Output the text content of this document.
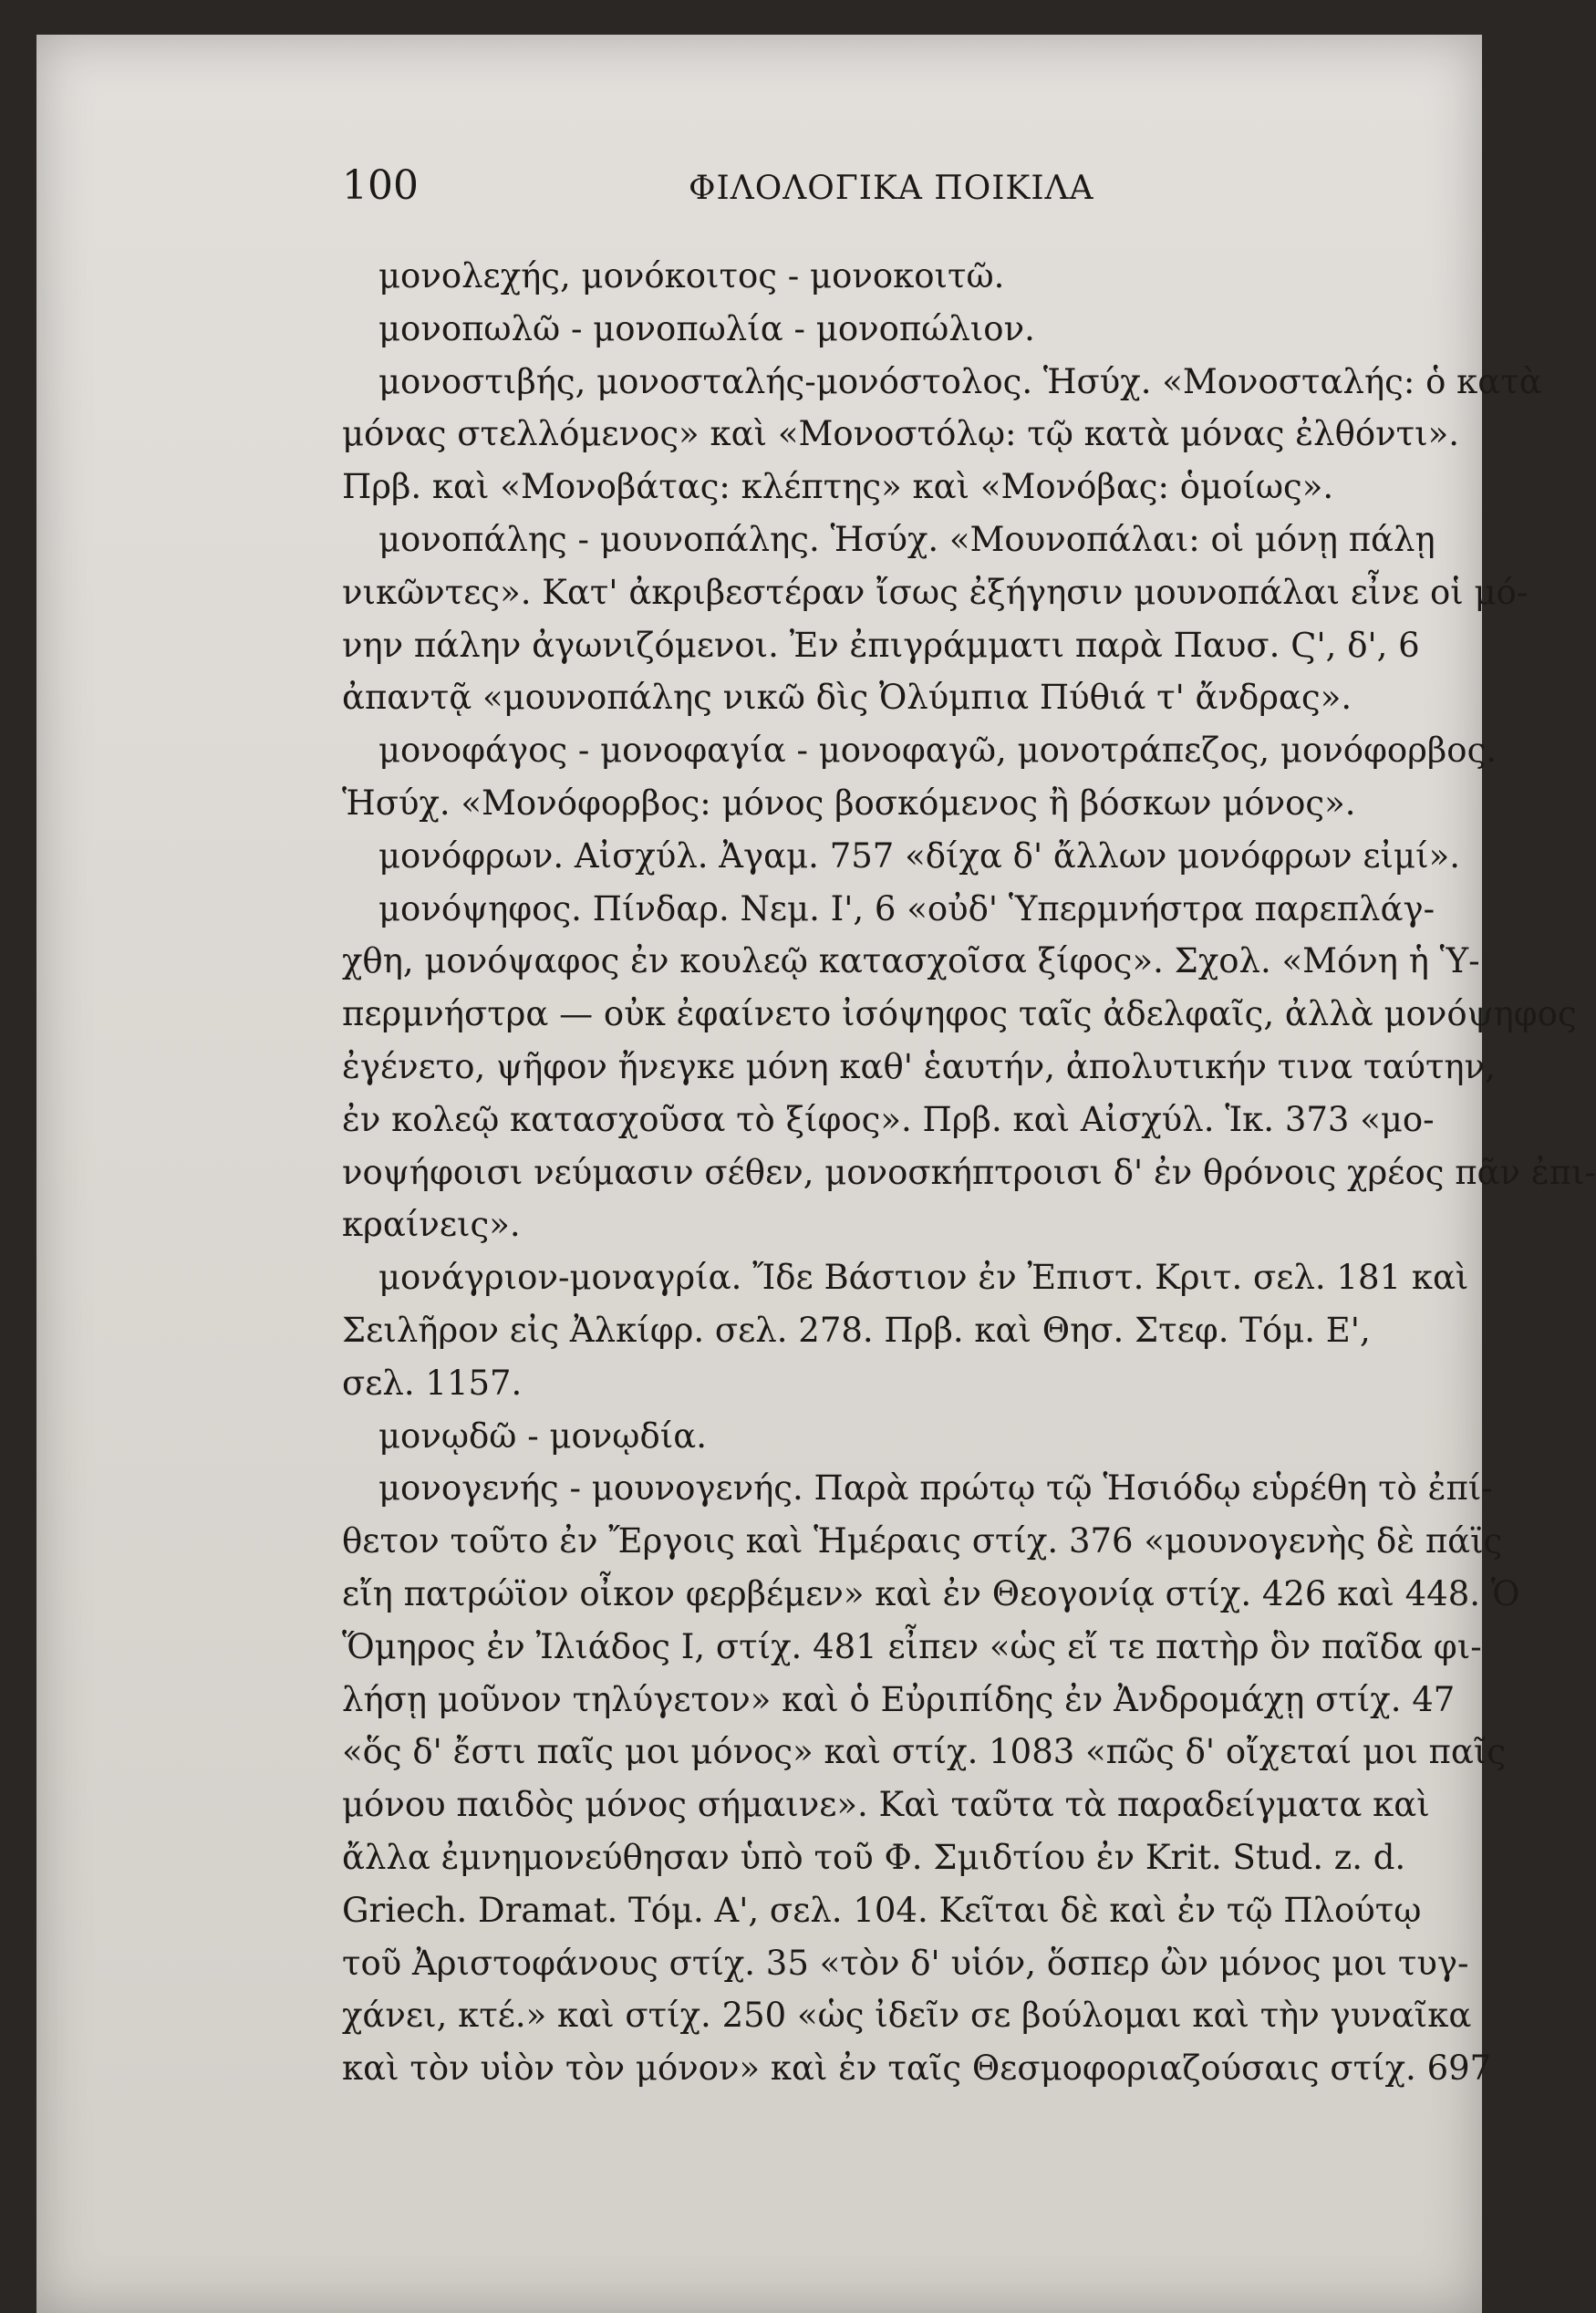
100	ΦΙΛΟΛΟΓΙΚΑ ΠΟΙΚΙΛΑ
μονολεχής, μονόκοιτος - μονοκοιτῶ.
μονοπωλῶ - μονοπωλία - μονοπώλιον.
μονοστιβής, μονοσταλής-μονόστολος. Ἡσύχ. «Μονοσταλής: ὁ κατὰ
μόνας στελλόμενος» καὶ «Μονοστόλῳ: τῷ κατὰ μόνας ἐλθόντι».
Πρβ. καὶ «Μονοβάτας: κλέπτης» καὶ «Μονόβας: ὁμοίως».
μονοπάλης - μουνοπάλης. Ἡσύχ. «Μουνοπάλαι: οἱ μόνῃ πάλῃ
νικῶντες». Κατ' ἀκριβεστέραν ἴσως ἐξήγησιν μουνοπάλαι εἶνε οἱ μό-
νην πάλην ἀγωνιζόμενοι. Ἐν ἐπιγράμματι παρὰ Παυσ. Ϛ', δ', 6
ἀπαντᾷ «μουνοπάλης νικῶ δὶς Ὀλύμπια Πύθιά τ' ἄνδρας».
μονοφάγος - μονοφαγία - μονοφαγῶ, μονοτράπεζος, μονόφορβος.
Ἡσύχ. «Μονόφορβος: μόνος βοσκόμενος ἢ βόσκων μόνος».
μονόφρων. Αἰσχύλ. Ἀγαμ. 757 «δίχα δ' ἄλλων μονόφρων εἰμί».
μονόψηφος. Πίνδαρ. Νεμ. Ι', 6 «οὐδ' Ὑπερμνήστρα παρεπλάγ-
χθη, μονόψαφος ἐν κουλεῷ κατασχοῖσα ξίφος». Σχολ. «Μόνη ἡ Ὑ-
περμνήστρα — οὐκ ἐφαίνετο ἰσόψηφος ταῖς ἀδελφαῖς, ἀλλὰ μονόψηφος
ἐγένετο, ψῆφον ἤνεγκε μόνη καθ' ἑαυτήν, ἀπολυτικήν τινα ταύτην,
ἐν κολεῷ κατασχοῦσα τὸ ξίφος». Πρβ. καὶ Αἰσχύλ. Ἱκ. 373 «μο-
νοψήφοισι νεύμασιν σέθεν, μονοσκήπτροισι δ' ἐν θρόνοις χρέος πᾶν ἐπι-
κραίνεις».
μονάγριον-μοναγρία. Ἴδε Βάστιον ἐν Ἐπιστ. Κριτ. σελ. 181 καὶ
Σειλῆρον εἰς Ἀλκίφρ. σελ. 278. Πρβ. καὶ Θησ. Στεφ. Τόμ. Ε',
σελ. 1157.
μονῳδῶ - μονῳδία.
μονογενής - μουνογενής. Παρὰ πρώτῳ τῷ Ἡσιόδῳ εὑρέθη τὸ ἐπί-
θετον τοῦτο ἐν Ἔργοις καὶ Ἡμέραις στίχ. 376 «μουνογενὴς δὲ πάϊς
εἴη πατρώϊον οἶκον φερβέμεν» καὶ ἐν Θεογονίᾳ στίχ. 426 καὶ 448. Ὁ
Ὅμηρος ἐν Ἰλιάδος Ι, στίχ. 481 εἶπεν «ὡς εἴ τε πατὴρ ὃν παῖδα φι-
λήσῃ μοῦνον τηλύγετον» καὶ ὁ Εὐριπίδης ἐν Ἀνδρομάχῃ στίχ. 47
«ὅς δ' ἔστι παῖς μοι μόνος» καὶ στίχ. 1083 «πῶς δ' οἴχεταί μοι παῖς
μόνου παιδὸς μόνος σήμαινε». Καὶ ταῦτα τὰ παραδείγματα καὶ
ἄλλα ἐμνημονεύθησαν ὑπὸ τοῦ Φ. Σμιδτίου ἐν Krit. Stud. z. d.
Griech. Dramat. Τόμ. Α', σελ. 104. Κεῖται δὲ καὶ ἐν τῷ Πλούτῳ
τοῦ Ἀριστοφάνους στίχ. 35 «τὸν δ' υἱόν, ὅσπερ ὢν μόνος μοι τυγ-
χάνει, κτέ.» καὶ στίχ. 250 «ὡς ἰδεῖν σε βούλομαι καὶ τὴν γυναῖκα
καὶ τὸν υἱὸν τὸν μόνον» καὶ ἐν ταῖς Θεσμοφοριαζούσαις στίχ. 697
